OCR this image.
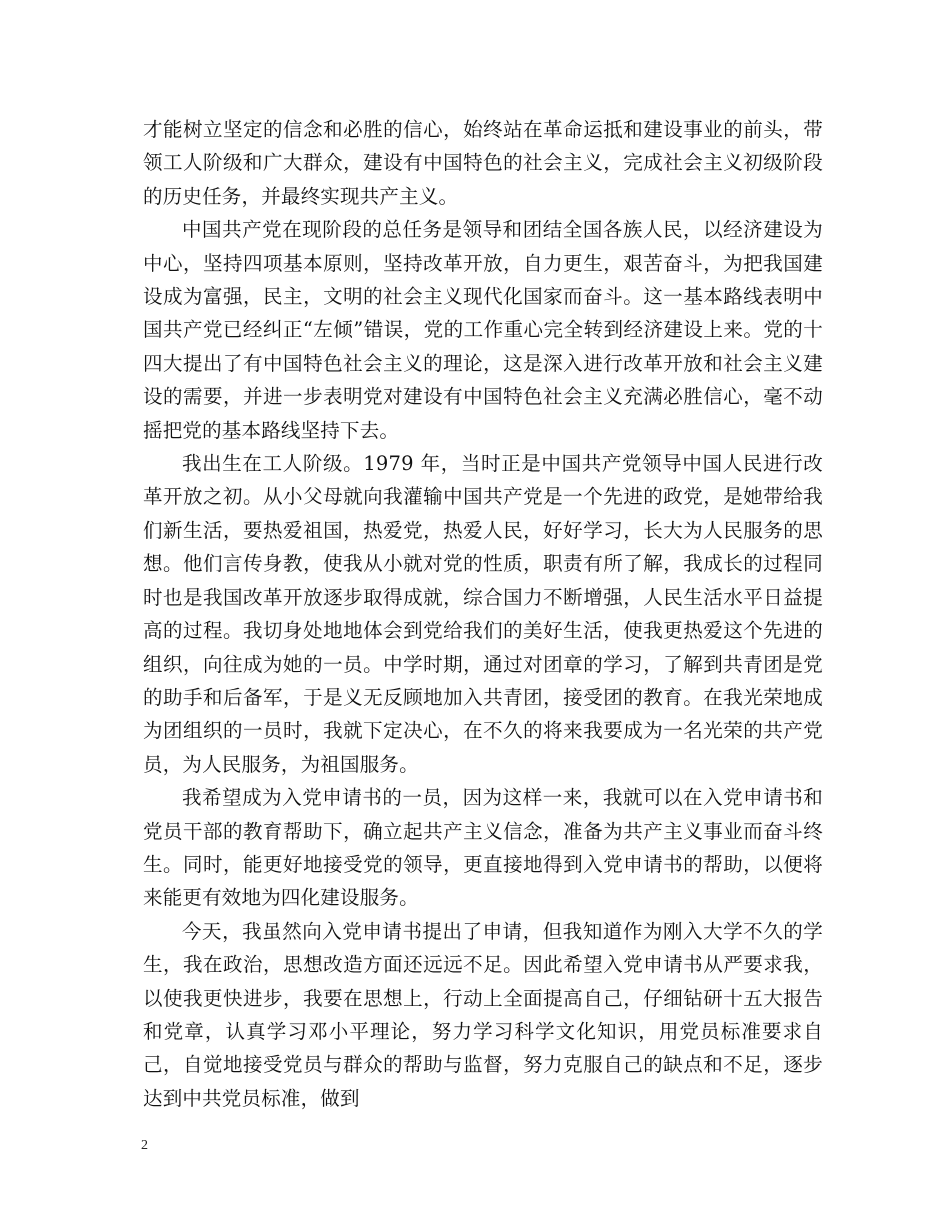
才能树立坚定的信念和必胜的信心，始终站在革命运抵和建设事业的前头，带领工人阶级和广大群众，建设有中国特色的社会主义，完成社会主义初级阶段的历史任务，并最终实现共产主义。

中国共产党在现阶段的总任务是领导和团结全国各族人民，以经济建设为中心，坚持四项基本原则，坚持改革开放，自力更生，艰苦奋斗，为把我国建设成为富强，民主，文明的社会主义现代化国家而奋斗。这一基本路线表明中国共产党已经纠正“左倾”错误，党的工作重心完全转到经济建设上来。党的十四大提出了有中国特色社会主义的理论，这是深入进行改革开放和社会主义建设的需要，并进一步表明党对建设有中国特色社会主义充满必胜信心，毫不动摇把党的基本路线坚持下去。

我出生在工人阶级。1979 年，当时正是中国共产党领导中国人民进行改革开放之初。从小父母就向我灌输中国共产党是一个先进的政党，是她带给我们新生活，要热爱祖国，热爱党，热爱人民，好好学习，长大为人民服务的思想。他们言传身教，使我从小就对党的性质，职责有所了解，我成长的过程同时也是我国改革开放逐步取得成就，综合国力不断增强，人民生活水平日益提高的过程。我切身处地地体会到党给我们的美好生活，使我更热爱这个先进的组织，向往成为她的一员。中学时期，通过对团章的学习，了解到共青团是党的助手和后备军，于是义无反顾地加入共青团，接受团的教育。在我光荣地成为团组织的一员时，我就下定决心，在不久的将来我要成为一名光荣的共产党员，为人民服务，为祖国服务。

我希望成为入党申请书的一员，因为这样一来，我就可以在入党申请书和党员干部的教育帮助下，确立起共产主义信念，准备为共产主义事业而奋斗终生。同时，能更好地接受党的领导，更直接地得到入党申请书的帮助，以便将来能更有效地为四化建设服务。

今天，我虽然向入党申请书提出了申请，但我知道作为刚入大学不久的学生，我在政治，思想改造方面还远远不足。因此希望入党申请书从严要求我，以使我更快进步，我要在思想上，行动上全面提高自己，仔细钻研十五大报告和党章，认真学习邓小平理论，努力学习科学文化知识，用党员标准要求自己，自觉地接受党员与群众的帮助与监督，努力克服自己的缺点和不足，逐步达到中共党员标准，做到

2
